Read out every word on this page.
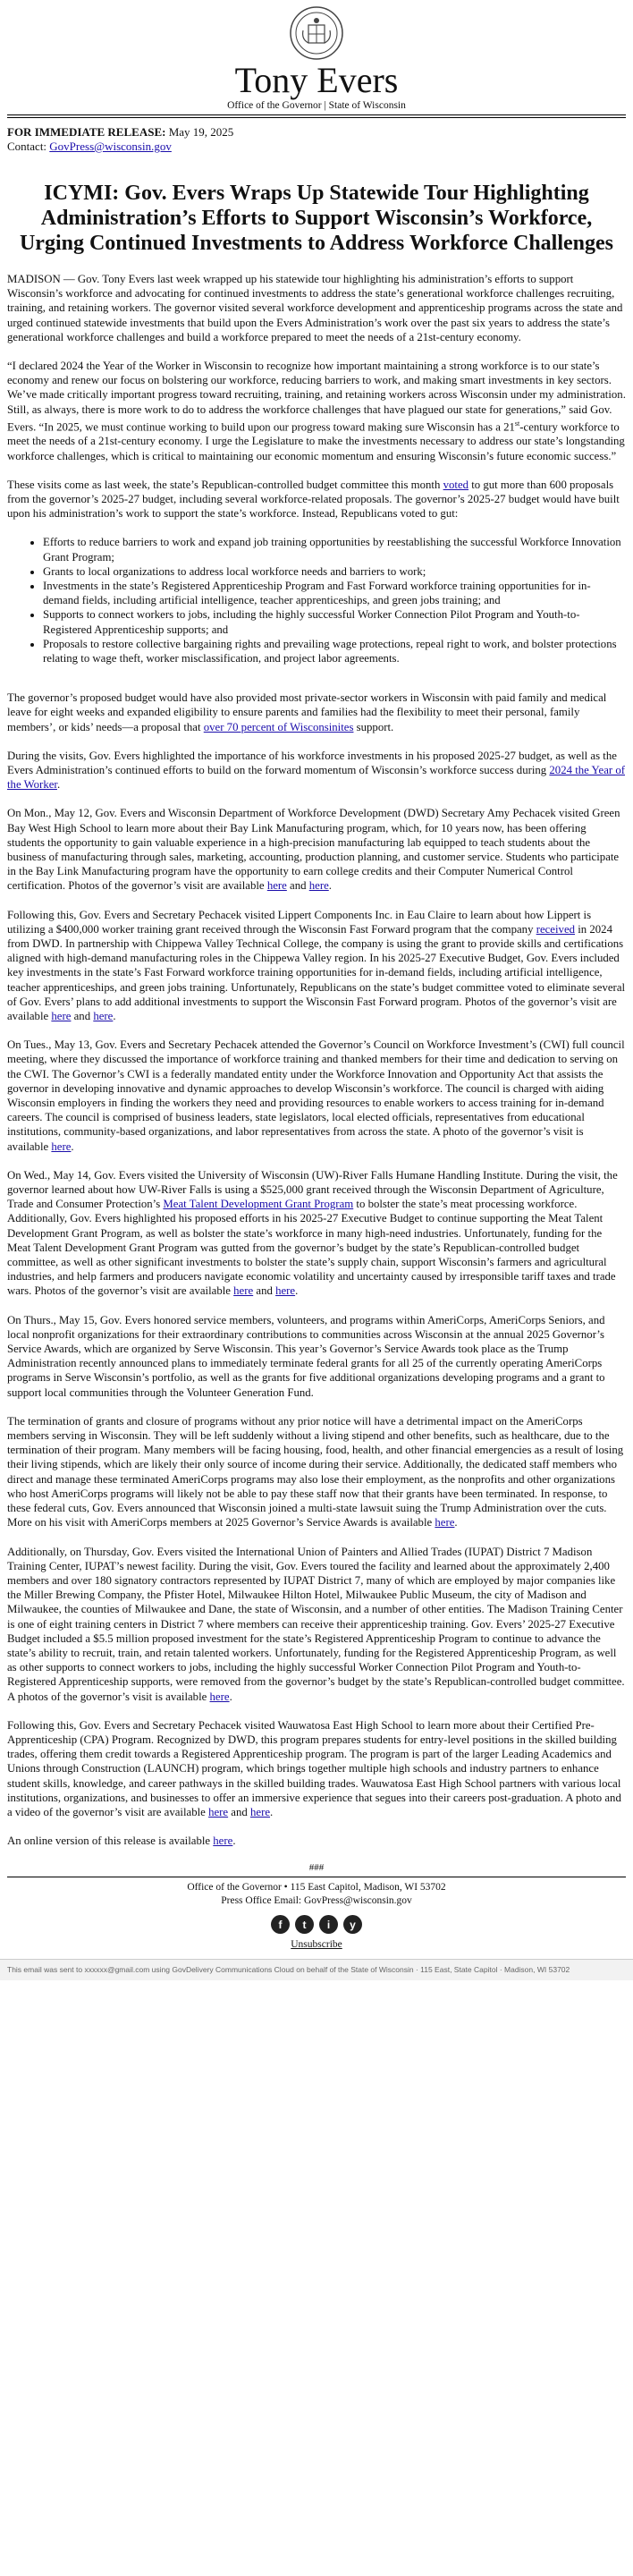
Tony Evers
Office of the Governor | State of Wisconsin
FOR IMMEDIATE RELEASE: May 19, 2025
Contact: GovPress@wisconsin.gov
ICYMI: Gov. Evers Wraps Up Statewide Tour Highlighting Administration’s Efforts to Support Wisconsin’s Workforce, Urging Continued Investments to Address Workforce Challenges

MADISON — Gov. Tony Evers last week wrapped up his statewide tour highlighting his administration’s efforts to support Wisconsin’s workforce and advocating for continued investments to address the state’s generational workforce challenges recruiting, training, and retaining workers. The governor visited several workforce development and apprenticeship programs across the state and urged continued statewide investments that build upon the Evers Administration’s work over the past six years to address the state’s generational workforce challenges and build a workforce prepared to meet the needs of a 21st-century economy.

“I declared 2024 the Year of the Worker in Wisconsin to recognize how important maintaining a strong workforce is to our state’s economy and renew our focus on bolstering our workforce, reducing barriers to work, and making smart investments in key sectors. We’ve made critically important progress toward recruiting, training, and retaining workers across Wisconsin under my administration. Still, as always, there is more work to do to address the workforce challenges that have plagued our state for generations,” said Gov. Evers. “In 2025, we must continue working to build upon our progress toward making sure Wisconsin has a 21st-century workforce to meet the needs of a 21st-century economy. I urge the Legislature to make the investments necessary to address our state’s longstanding workforce challenges, which is critical to maintaining our economic momentum and ensuring Wisconsin’s future economic success.”

These visits come as last week, the state’s Republican-controlled budget committee this month voted to gut more than 600 proposals from the governor’s 2025-27 budget, including several workforce-related proposals. The governor’s 2025-27 budget would have built upon his administration’s work to support the state’s workforce. Instead, Republicans voted to gut:

• Efforts to reduce barriers to work and expand job training opportunities by reestablishing the successful Workforce Innovation Grant Program;
• Grants to local organizations to address local workforce needs and barriers to work;
• Investments in the state’s Registered Apprenticeship Program and Fast Forward workforce training opportunities for in-demand fields, including artificial intelligence, teacher apprenticeships, and green jobs training; and
• Supports to connect workers to jobs, including the highly successful Worker Connection Pilot Program and Youth-to-Registered Apprenticeship supports; and
• Proposals to restore collective bargaining rights and prevailing wage protections, repeal right to work, and bolster protections relating to wage theft, worker misclassification, and project labor agreements.

The governor’s proposed budget would have also provided most private-sector workers in Wisconsin with paid family and medical leave for eight weeks and expanded eligibility to ensure parents and families had the flexibility to meet their personal, family members’, or kids’ needs—a proposal that over 70 percent of Wisconsinites support.

During the visits, Gov. Evers highlighted the importance of his workforce investments in his proposed 2025-27 budget, as well as the Evers Administration’s continued efforts to build on the forward momentum of Wisconsin’s workforce success during 2024 the Year of the Worker.

On Mon., May 12, Gov. Evers and Wisconsin Department of Workforce Development (DWD) Secretary Amy Pechacek visited Green Bay West High School to learn more about their Bay Link Manufacturing program, which, for 10 years now, has been offering students the opportunity to gain valuable experience in a high-precision manufacturing lab equipped to teach students about the business of manufacturing through sales, marketing, accounting, production planning, and customer service. Students who participate in the Bay Link Manufacturing program have the opportunity to earn college credits and their Computer Numerical Control certification. Photos of the governor’s visit are available here and here.

Following this, Gov. Evers and Secretary Pechacek visited Lippert Components Inc. in Eau Claire to learn about how Lippert is utilizing a $400,000 worker training grant received through the Wisconsin Fast Forward program that the company received in 2024 from DWD. In partnership with Chippewa Valley Technical College, the company is using the grant to provide skills and certifications aligned with high-demand manufacturing roles in the Chippewa Valley region. In his 2025-27 Executive Budget, Gov. Evers included key investments in the state’s Fast Forward workforce training opportunities for in-demand fields, including artificial intelligence, teacher apprenticeships, and green jobs training. Unfortunately, Republicans on the state’s budget committee voted to eliminate several of Gov. Evers’ plans to add additional investments to support the Wisconsin Fast Forward program. Photos of the governor’s visit are available here and here.

On Tues., May 13, Gov. Evers and Secretary Pechacek attended the Governor’s Council on Workforce Investment’s (CWI) full council meeting, where they discussed the importance of workforce training and thanked members for their time and dedication to serving on the CWI. The Governor’s CWI is a federally mandated entity under the Workforce Innovation and Opportunity Act that assists the governor in developing innovative and dynamic approaches to develop Wisconsin’s workforce. The council is charged with aiding Wisconsin employers in finding the workers they need and providing resources to enable workers to access training for in-demand careers. The council is comprised of business leaders, state legislators, local elected officials, representatives from educational institutions, community-based organizations, and labor representatives from across the state. A photo of the governor’s visit is available here.

On Wed., May 14, Gov. Evers visited the University of Wisconsin (UW)-River Falls Humane Handling Institute. During the visit, the governor learned about how UW-River Falls is using a $525,000 grant received through the Wisconsin Department of Agriculture, Trade and Consumer Protection’s Meat Talent Development Grant Program to bolster the state’s meat processing workforce. Additionally, Gov. Evers highlighted his proposed efforts in his 2025-27 Executive Budget to continue supporting the Meat Talent Development Grant Program, as well as bolster the state’s workforce in many high-need industries. Unfortunately, funding for the Meat Talent Development Grant Program was gutted from the governor’s budget by the state’s Republican-controlled budget committee, as well as other significant investments to bolster the state’s supply chain, support Wisconsin’s farmers and agricultural industries, and help farmers and producers navigate economic volatility and uncertainty caused by irresponsible tariff taxes and trade wars. Photos of the governor’s visit are available here and here.

On Thurs., May 15, Gov. Evers honored service members, volunteers, and programs within AmeriCorps, AmeriCorps Seniors, and local nonprofit organizations for their extraordinary contributions to communities across Wisconsin at the annual 2025 Governor’s Service Awards, which are organized by Serve Wisconsin. This year’s Governor’s Service Awards took place as the Trump Administration recently announced plans to immediately terminate federal grants for all 25 of the currently operating AmeriCorps programs in Serve Wisconsin’s portfolio, as well as the grants for five additional organizations developing programs and a grant to support local communities through the Volunteer Generation Fund.

The termination of grants and closure of programs without any prior notice will have a detrimental impact on the AmeriCorps members serving in Wisconsin. They will be left suddenly without a living stipend and other benefits, such as healthcare, due to the termination of their program. Many members will be facing housing, food, health, and other financial emergencies as a result of losing their living stipends, which are likely their only source of income during their service. Additionally, the dedicated staff members who direct and manage these terminated AmeriCorps programs may also lose their employment, as the nonprofits and other organizations who host AmeriCorps programs will likely not be able to pay these staff now that their grants have been terminated. In response, to these federal cuts, Gov. Evers announced that Wisconsin joined a multi-state lawsuit suing the Trump Administration over the cuts. More on his visit with AmeriCorps members at 2025 Governor’s Service Awards is available here.

Additionally, on Thursday, Gov. Evers visited the International Union of Painters and Allied Trades (IUPAT) District 7 Madison Training Center, IUPAT’s newest facility. During the visit, Gov. Evers toured the facility and learned about the approximately 2,400 members and over 180 signatory contractors represented by IUPAT District 7, many of which are employed by major companies like the Miller Brewing Company, the Pfister Hotel, Milwaukee Hilton Hotel, Milwaukee Public Museum, the city of Madison and Milwaukee, the counties of Milwaukee and Dane, the state of Wisconsin, and a number of other entities. The Madison Training Center is one of eight training centers in District 7 where members can receive their apprenticeship training. Gov. Evers’ 2025-27 Executive Budget included a $5.5 million proposed investment for the state’s Registered Apprenticeship Program to continue to advance the state’s ability to recruit, train, and retain talented workers. Unfortunately, funding for the Registered Apprenticeship Program, as well as other supports to connect workers to jobs, including the highly successful Worker Connection Pilot Program and Youth-to-Registered Apprenticeship supports, were removed from the governor’s budget by the state’s Republican-controlled budget committee. A photos of the governor’s visit is available here.

Following this, Gov. Evers and Secretary Pechacek visited Wauwatosa East High School to learn more about their Certified Pre-Apprenticeship (CPA) Program. Recognized by DWD, this program prepares students for entry-level positions in the skilled building trades, offering them credit towards a Registered Apprenticeship program. The program is part of the larger Leading Academics and Unions through Construction (LAUNCH) program, which brings together multiple high schools and industry partners to enhance student skills, knowledge, and career pathways in the skilled building trades. Wauwatosa East High School partners with various local institutions, organizations, and businesses to offer an immersive experience that segues into their careers post-graduation. A photo and a video of the governor’s visit are available here and here.

An online version of this release is available here.

###
Office of the Governor • 115 East Capitol, Madison, WI 53702
Press Office Email: GovPress@wisconsin.gov
f	t	i	y
Unsubscribe
This email was sent to xxxxxx@gmail.com using GovDelivery Communications Cloud on behalf of the State of Wisconsin · 115 East, State Capitol · Madison, WI 53702
